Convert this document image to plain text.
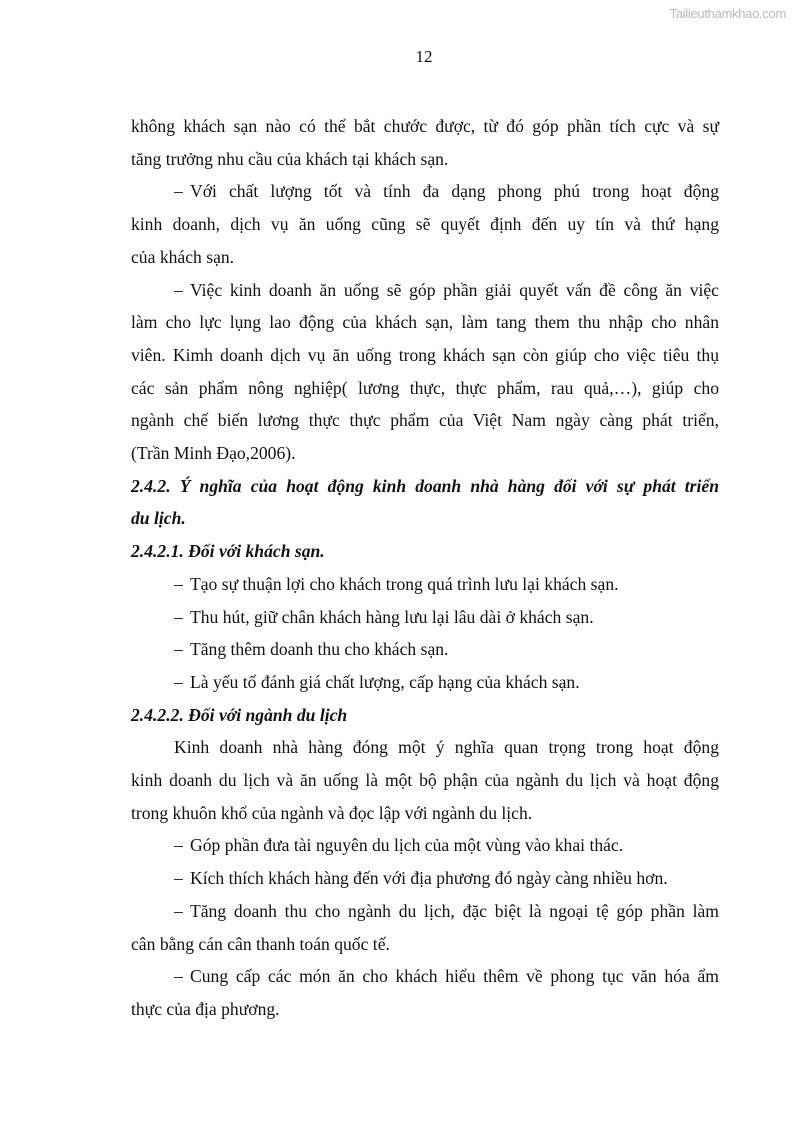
Tailieuthamkhao.com
12
không khách sạn nào có thể bắt chước được, từ đó góp phần tích cực và sự
tăng trưởng nhu cầu của khách tại khách sạn.
– Với chất lượng tốt và tính đa dạng phong phú trong hoạt động
kinh doanh, dịch vụ ăn uống cũng sẽ quyết định đến uy tín và thứ hạng
của khách sạn.
– Việc kinh doanh ăn uống sẽ góp phần giải quyết vấn đề công ăn việc
làm cho lực lụng lao động của khách sạn, làm tang them thu nhập cho nhân
viên. Kimh doanh dịch vụ ăn uống trong khách sạn còn giúp cho việc tiêu thụ
các sản phẩm nông nghiệp( lương thực, thực phẩm, rau quả,…), giúp cho
ngành chế biến lương thực thực phẩm của Việt Nam ngày càng phát triển,
(Trần Minh Đạo,2006).
2.4.2. Ý nghĩa của hoạt động kinh doanh nhà hàng đối với sự phát triển
du lịch.
2.4.2.1. Đối với khách sạn.
– Tạo sự thuận lợi cho khách trong quá trình lưu lại khách sạn.
– Thu hút, giữ chân khách hàng lưu lại lâu dài ở khách sạn.
– Tăng thêm doanh thu cho khách sạn.
– Là yếu tố đánh giá chất lượng, cấp hạng của khách sạn.
2.4.2.2. Đối với ngành du lịch
Kinh doanh nhà hàng đóng một ý nghĩa quan trọng trong hoạt động
kinh doanh du lịch và ăn uống là một bộ phận của ngành du lịch và hoạt động
trong khuôn khổ của ngành và đọc lập với ngành du lịch.
– Góp phần đưa tài nguyên du lịch của một vùng vào khai thác.
– Kích thích khách hàng đến với địa phương đó ngày càng nhiều hơn.
– Tăng doanh thu cho ngành du lịch, đặc biệt là ngoại tệ góp phần làm
cân bằng cán cân thanh toán quốc tế.
– Cung cấp các món ăn cho khách hiểu thêm về phong tục văn hóa ẩm
thực của địa phương.
